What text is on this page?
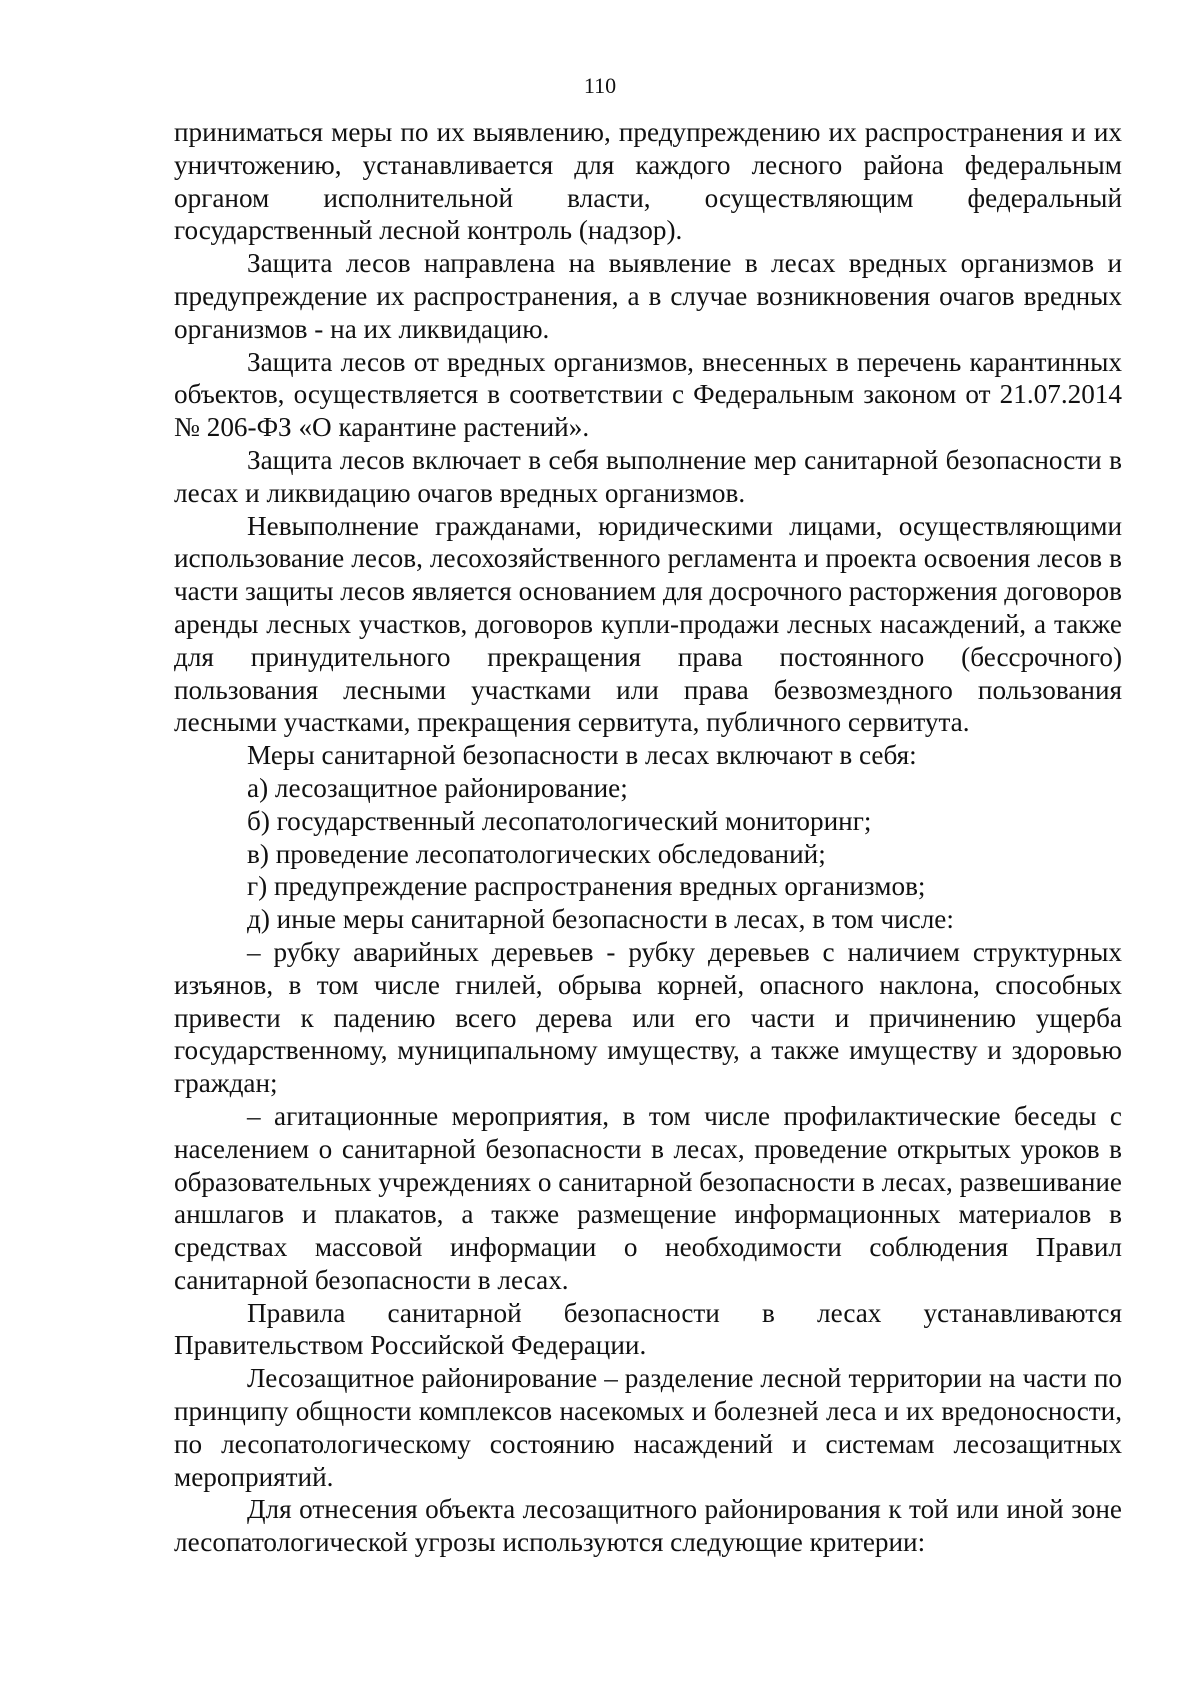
110

приниматься меры по их выявлению, предупреждению их распространения и их уничтожению, устанавливается для каждого лесного района федеральным органом исполнительной власти, осуществляющим федеральный государственный лесной контроль (надзор).

Защита лесов направлена на выявление в лесах вредных организмов и предупреждение их распространения, а в случае возникновения очагов вредных организмов - на их ликвидацию.

Защита лесов от вредных организмов, внесенных в перечень карантинных объектов, осуществляется в соответствии с Федеральным законом от 21.07.2014 № 206-ФЗ «О карантине растений».

Защита лесов включает в себя выполнение мер санитарной безопасности в лесах и ликвидацию очагов вредных организмов.

Невыполнение гражданами, юридическими лицами, осуществляющими использование лесов, лесохозяйственного регламента и проекта освоения лесов в части защиты лесов является основанием для досрочного расторжения договоров аренды лесных участков, договоров купли-продажи лесных насаждений, а также для принудительного прекращения права постоянного (бессрочного) пользования лесными участками или права безвозмездного пользования лесными участками, прекращения сервитута, публичного сервитута.

Меры санитарной безопасности в лесах включают в себя:

а) лесозащитное районирование;

б) государственный лесопатологический мониторинг;

в) проведение лесопатологических обследований;

г) предупреждение распространения вредных организмов;

д) иные меры санитарной безопасности в лесах, в том числе:

– рубку аварийных деревьев - рубку деревьев с наличием структурных изъянов, в том числе гнилей, обрыва корней, опасного наклона, способных привести к падению всего дерева или его части и причинению ущерба государственному, муниципальному имуществу, а также имуществу и здоровью граждан;

– агитационные мероприятия, в том числе профилактические беседы с населением о санитарной безопасности в лесах, проведение открытых уроков в образовательных учреждениях о санитарной безопасности в лесах, развешивание аншлагов и плакатов, а также размещение информационных материалов в средствах массовой информации о необходимости соблюдения Правил санитарной безопасности в лесах.

Правила санитарной безопасности в лесах устанавливаются Правительством Российской Федерации.

Лесозащитное районирование – разделение лесной территории на части по принципу общности комплексов насекомых и болезней леса и их вредоносности, по лесопатологическому состоянию насаждений и системам лесозащитных мероприятий.

Для отнесения объекта лесозащитного районирования к той или иной зоне лесопатологической угрозы используются следующие критерии:
